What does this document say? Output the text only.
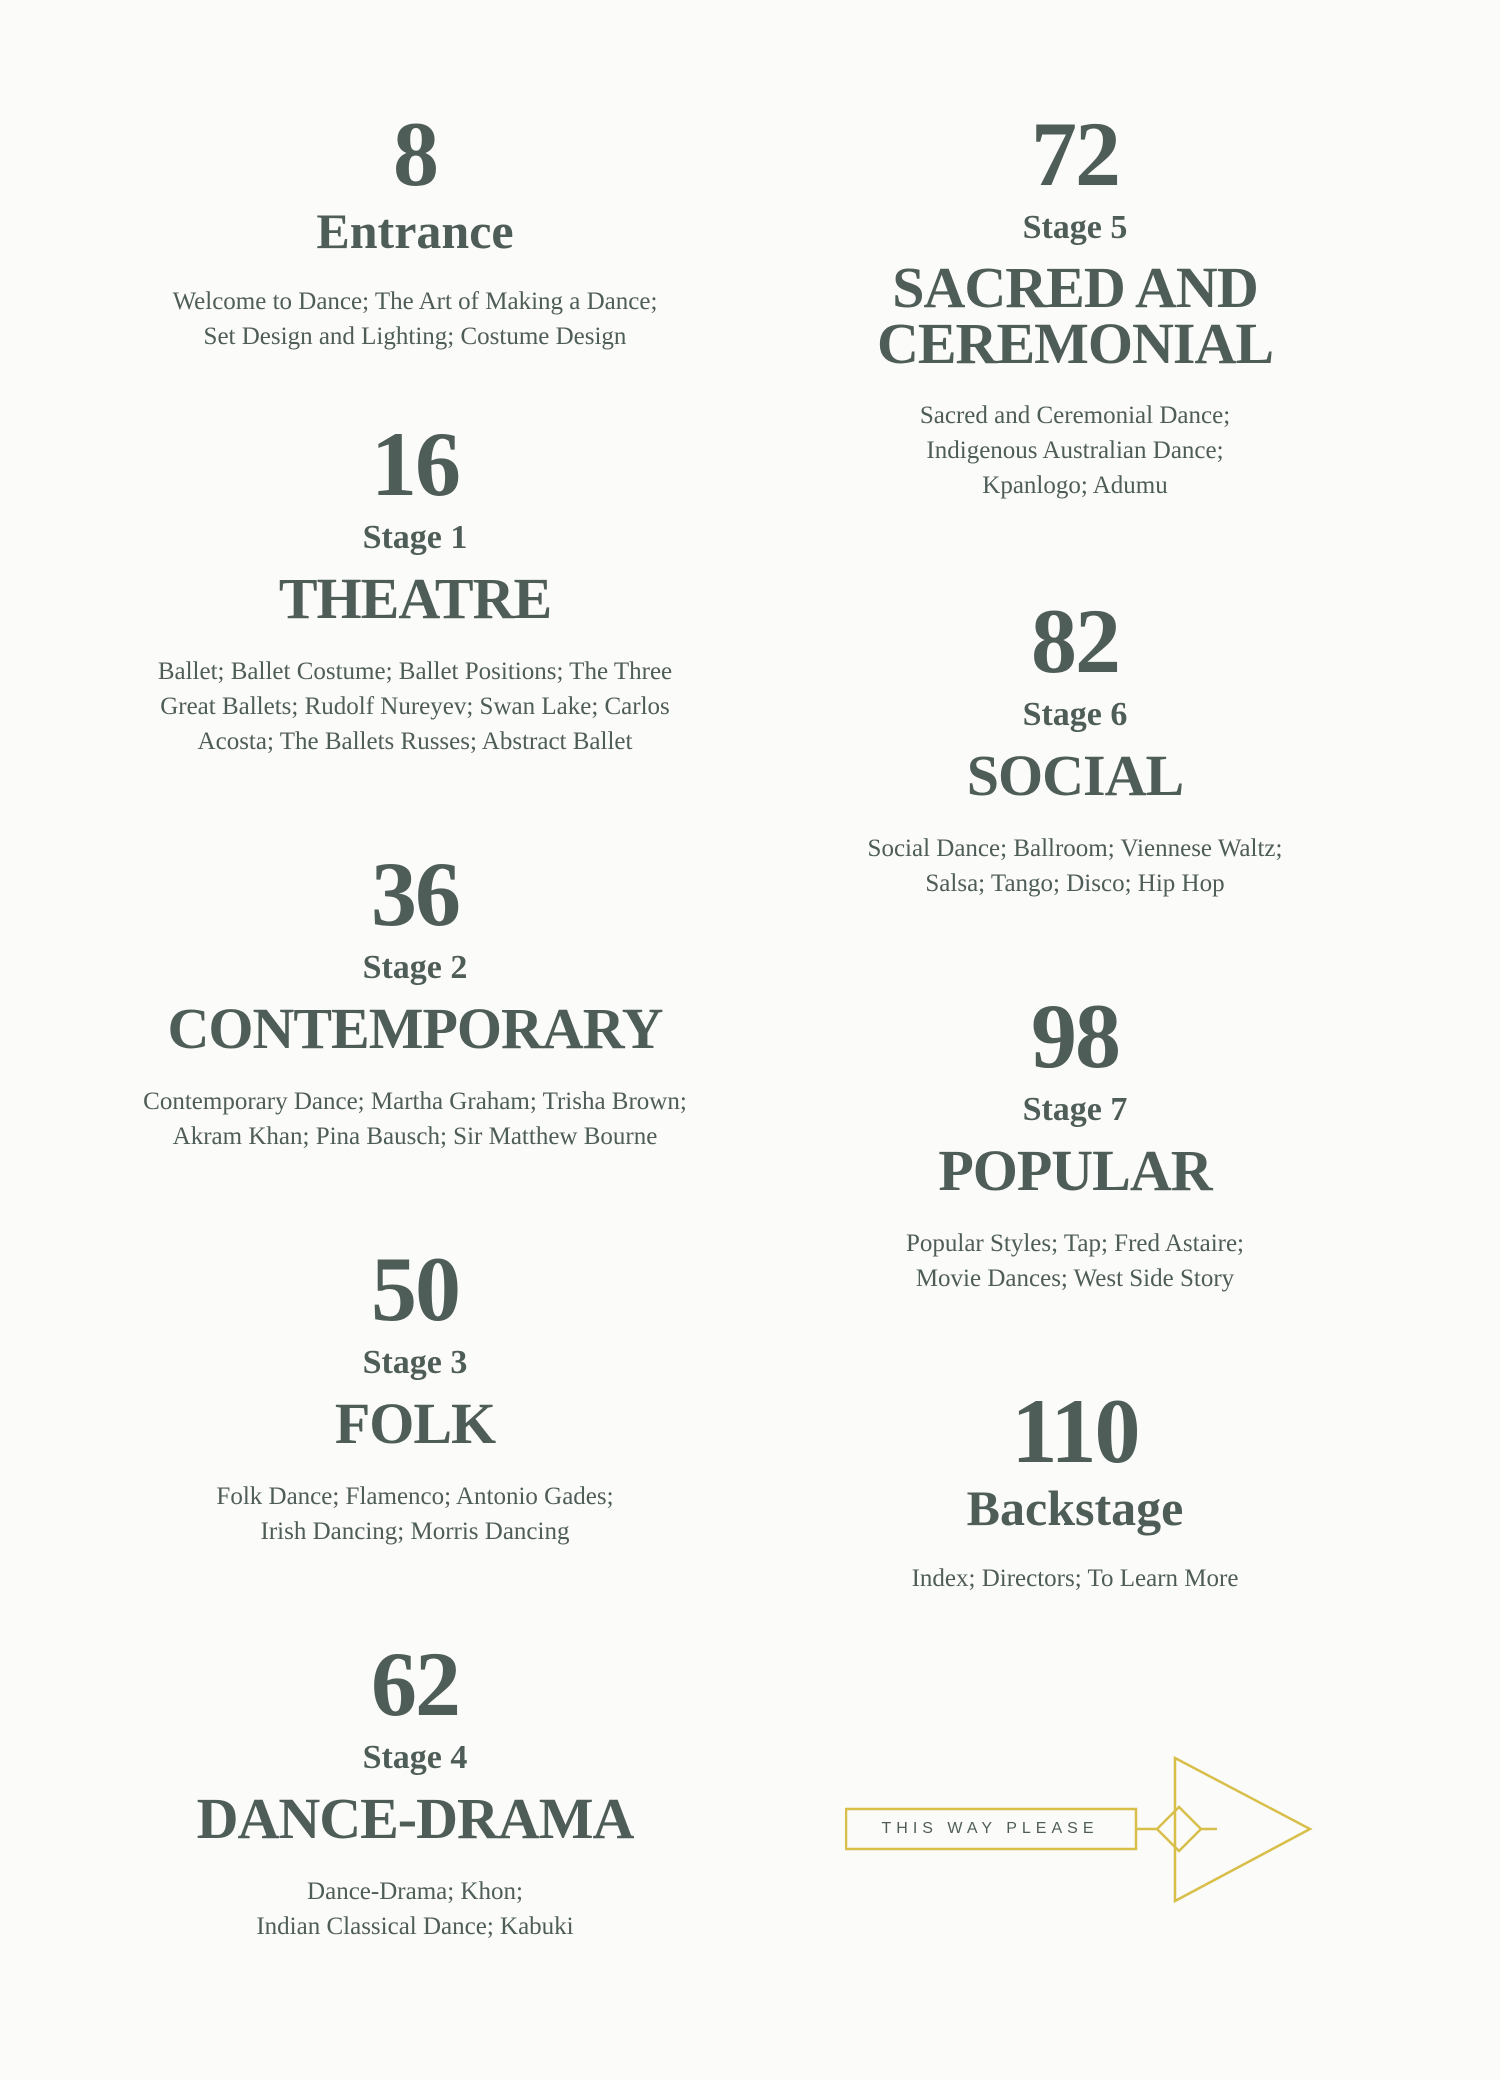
8
Entrance
Welcome to Dance; The Art of Making a Dance;
Set Design and Lighting; Costume Design
16
Stage 1
THEATRE
Ballet; Ballet Costume; Ballet Positions; The Three
Great Ballets; Rudolf Nureyev; Swan Lake; Carlos
Acosta; The Ballets Russes; Abstract Ballet
36
Stage 2
CONTEMPORARY
Contemporary Dance; Martha Graham; Trisha Brown;
Akram Khan; Pina Bausch; Sir Matthew Bourne
50
Stage 3
FOLK
Folk Dance; Flamenco; Antonio Gades;
Irish Dancing; Morris Dancing
62
Stage 4
DANCE-DRAMA
Dance-Drama; Khon;
Indian Classical Dance; Kabuki
72
Stage 5
SACRED AND
CEREMONIAL
Sacred and Ceremonial Dance;
Indigenous Australian Dance;
Kpanlogo; Adumu
82
Stage 6
SOCIAL
Social Dance; Ballroom; Viennese Waltz;
Salsa; Tango; Disco; Hip Hop
98
Stage 7
POPULAR
Popular Styles; Tap; Fred Astaire;
Movie Dances; West Side Story
110
Backstage
Index; Directors; To Learn More
THIS WAY PLEASE
